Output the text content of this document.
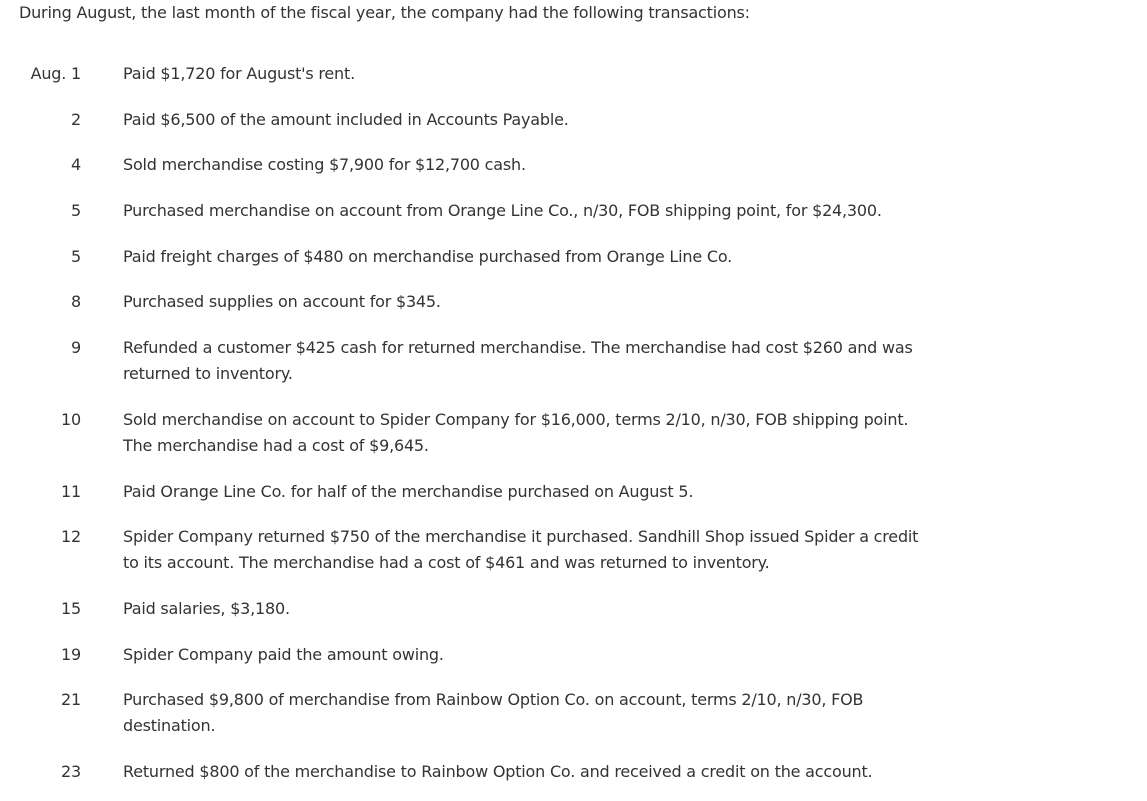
During August, the last month of the fiscal year, the company had the following transactions:
Aug. 1	Paid $1,720 for August's rent.
2	Paid $6,500 of the amount included in Accounts Payable.
4	Sold merchandise costing $7,900 for $12,700 cash.
5	Purchased merchandise on account from Orange Line Co., n/30, FOB shipping point, for $24,300.
5	Paid freight charges of $480 on merchandise purchased from Orange Line Co.
8	Purchased supplies on account for $345.
9	Refunded a customer $425 cash for returned merchandise. The merchandise had cost $260 and was returned to inventory.
10	Sold merchandise on account to Spider Company for $16,000, terms 2/10, n/30, FOB shipping point. The merchandise had a cost of $9,645.
11	Paid Orange Line Co. for half of the merchandise purchased on August 5.
12	Spider Company returned $750 of the merchandise it purchased. Sandhill Shop issued Spider a credit to its account. The merchandise had a cost of $461 and was returned to inventory.
15	Paid salaries, $3,180.
19	Spider Company paid the amount owing.
21	Purchased $9,800 of merchandise from Rainbow Option Co. on account, terms 2/10, n/30, FOB destination.
23	Returned $800 of the merchandise to Rainbow Option Co. and received a credit on the account.
